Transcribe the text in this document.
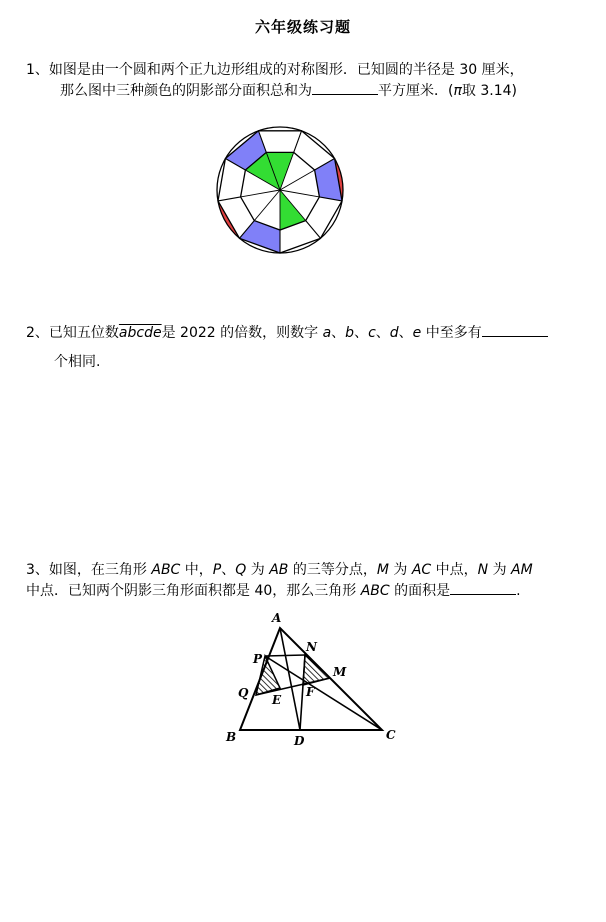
六年级练习题
1、如图是由一个圆和两个正九边形组成的对称图形．已知圆的半径是 30 厘米，
那么图中三种颜色的阴影部分面积总和为	平方厘米．(π取 3.14)
2、已知五位数abcde是 2022 的倍数，则数字 a、b、c、d、e 中至多有
个相同.
3、如图，在三角形 ABC 中，P、Q 为 AB 的三等分点，M 为 AC 中点，N 为 AM
中点．已知两个阴影三角形面积都是 40，那么三角形 ABC 的面积是	.
A
B	C
D
E
F
M
N
P
Q
